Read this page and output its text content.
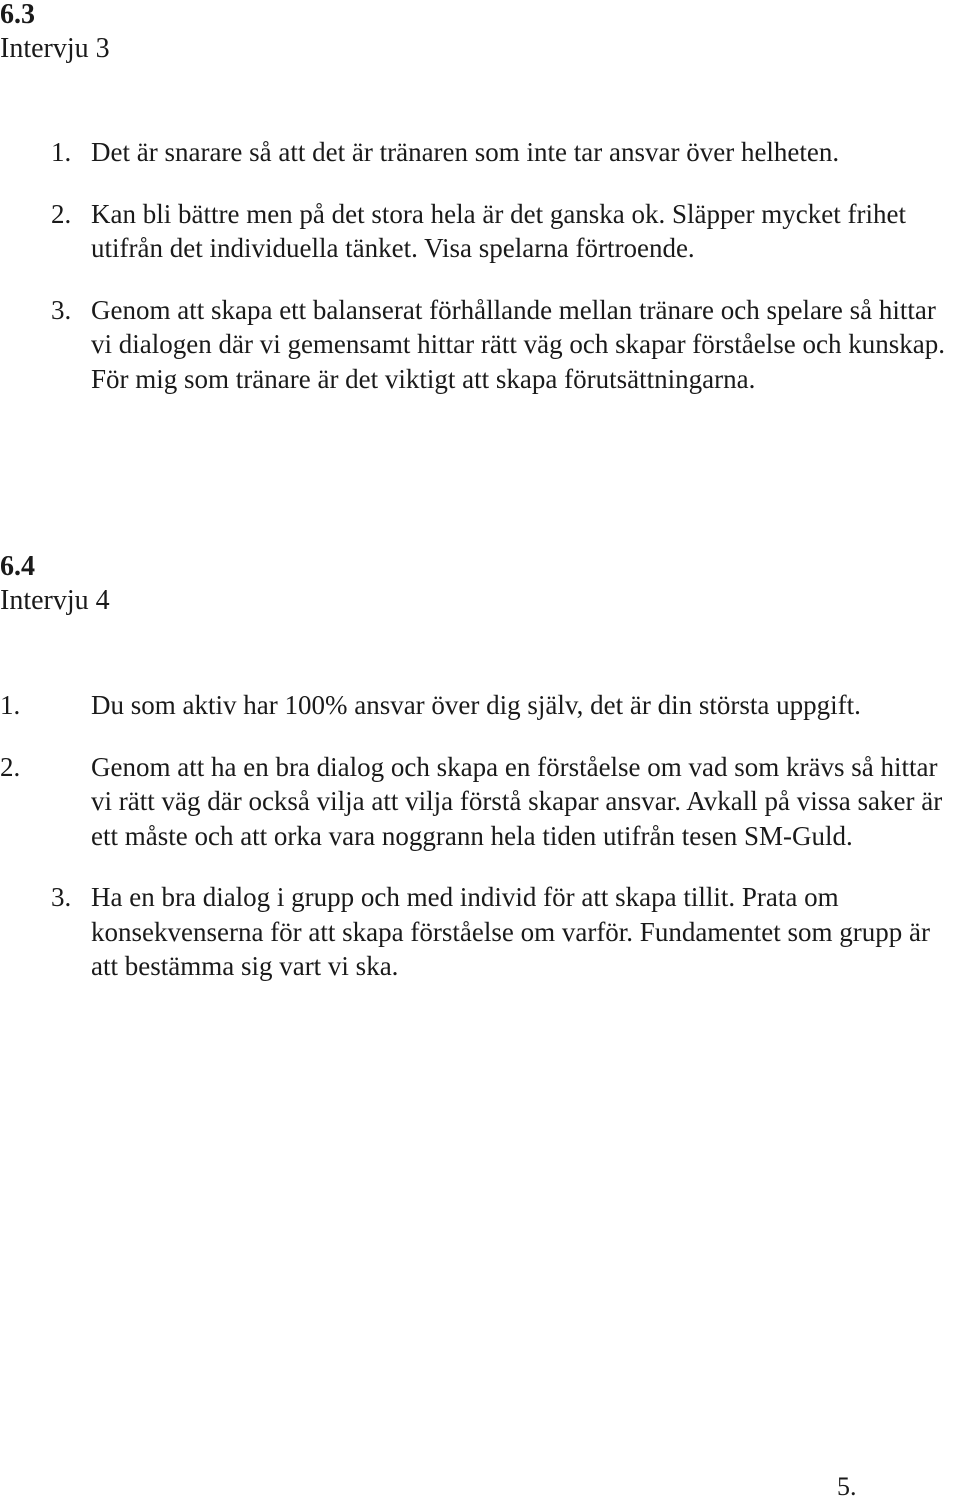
6.3
Intervju 3
1. Det är snarare så att det är tränaren som inte tar ansvar över helheten.
2. Kan bli bättre men på det stora hela är det ganska ok. Släpper mycket frihet utifrån det individuella tänket. Visa spelarna förtroende.
3. Genom att skapa ett balanserat förhållande mellan tränare och spelare så hittar vi dialogen där vi gemensamt hittar rätt väg och skapar förståelse och kunskap. För mig som tränare är det viktigt att skapa förutsättningarna.
6.4
Intervju 4
1.	Du som aktiv har 100% ansvar över dig själv, det är din största uppgift.
2.	Genom att ha en bra dialog och skapa en förståelse om vad som krävs så hittar vi rätt väg där också vilja att vilja förstå skapar ansvar. Avkall på vissa saker är ett måste och att orka vara noggrann hela tiden utifrån tesen SM-Guld.
3. Ha en bra dialog i grupp och med individ för att skapa tillit. Prata om konsekvenserna för att skapa förståelse om varför. Fundamentet som grupp är att bestämma sig vart vi ska.
5.
